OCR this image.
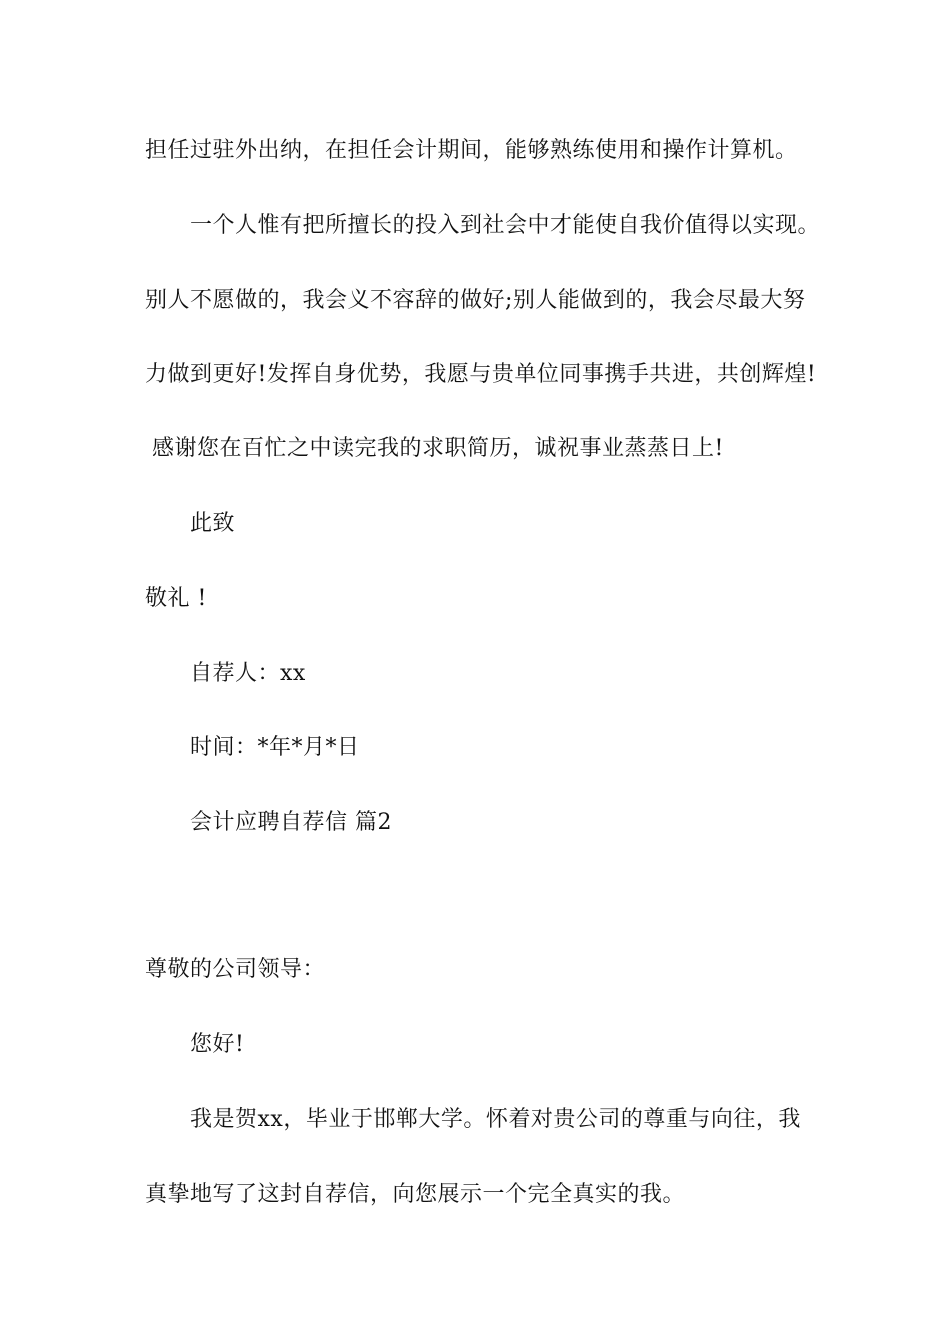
担任过驻外出纳，在担任会计期间，能够熟练使用和操作计算机。
一个人惟有把所擅长的投入到社会中才能使自我价值得以实现。
别人不愿做的，我会义不容辞的做好;别人能做到的，我会尽最大努
力做到更好!发挥自身优势，我愿与贵单位同事携手共进，共创辉煌!
感谢您在百忙之中读完我的求职简历，诚祝事业蒸蒸日上!
此致
敬礼 !
自荐人：xx
时间：*年*月*日
会计应聘自荐信 篇2
尊敬的公司领导：
您好!
我是贺xx，毕业于邯郸大学。怀着对贵公司的尊重与向往，我
真挚地写了这封自荐信，向您展示一个完全真实的我。
